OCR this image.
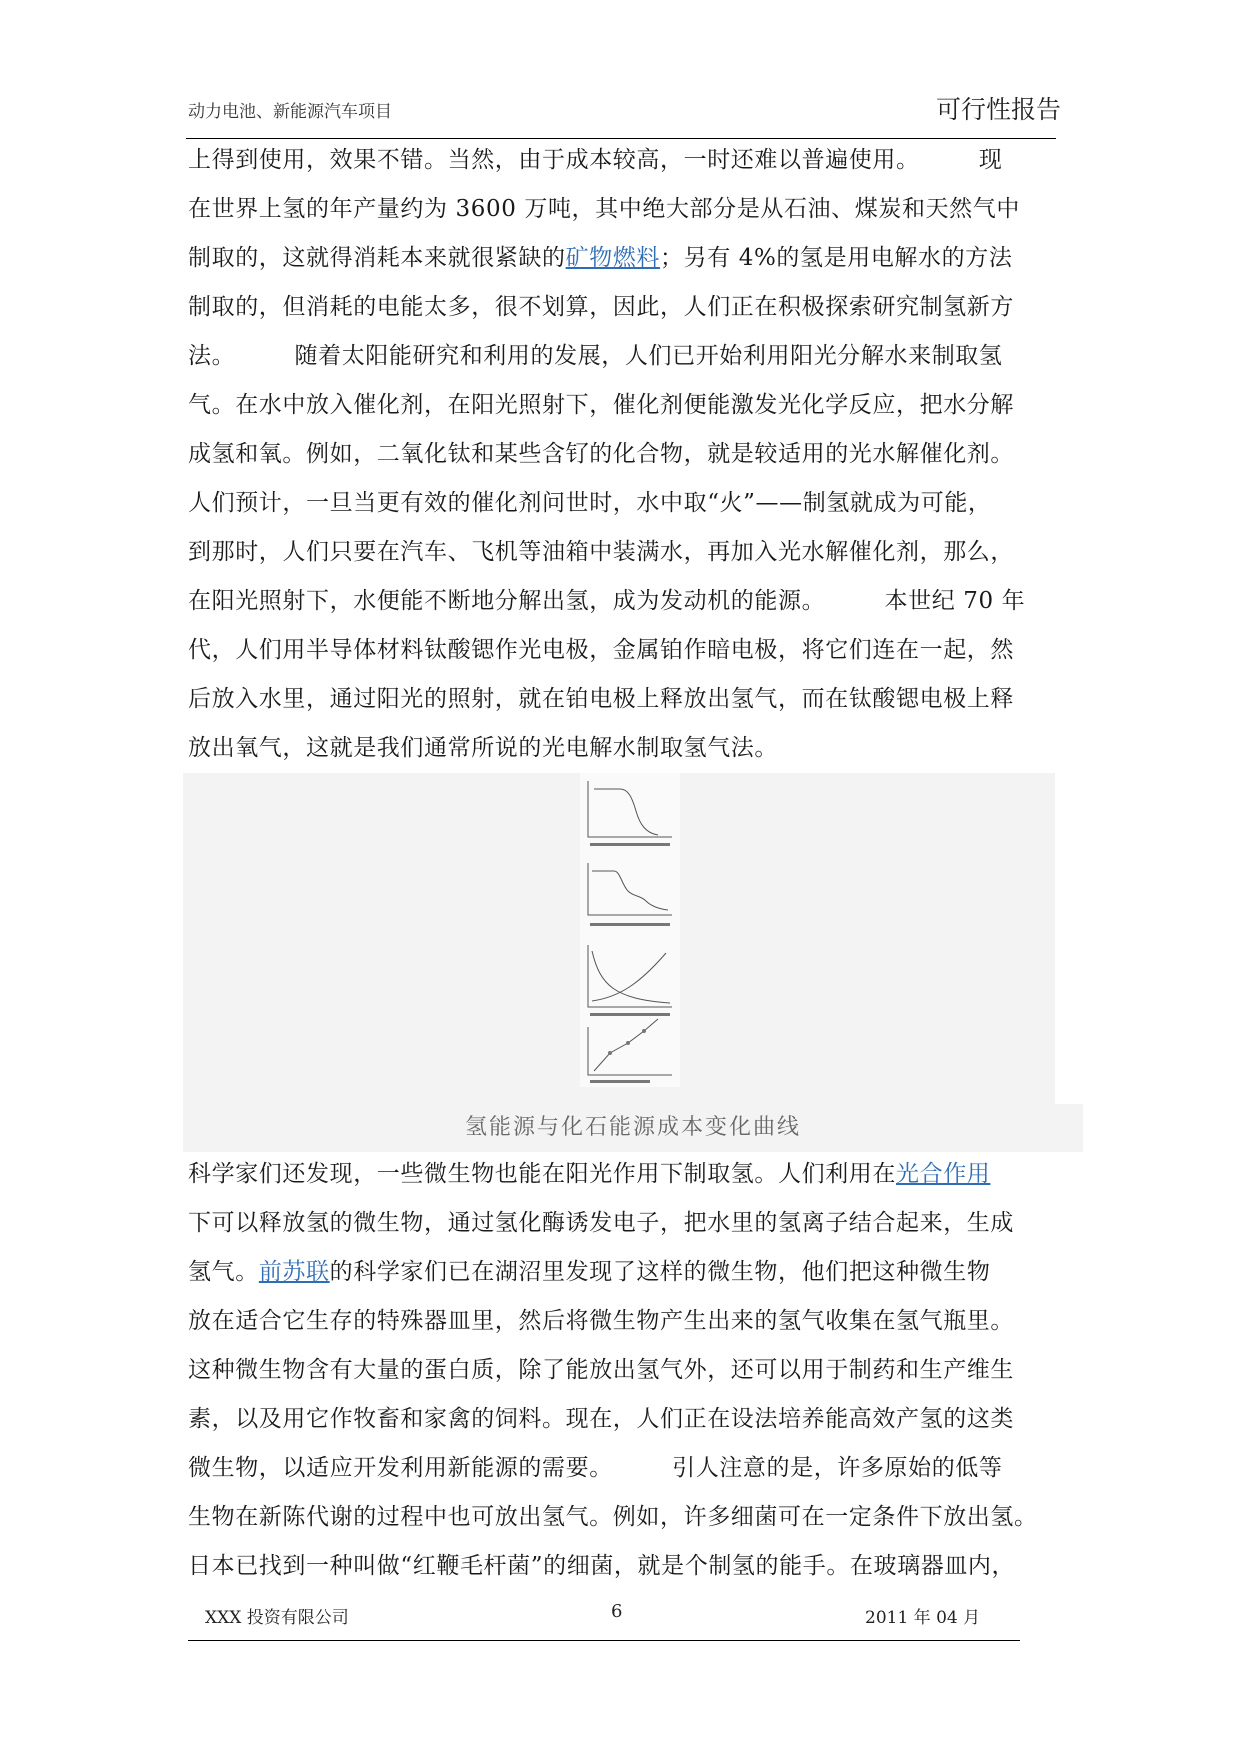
动力电池、新能源汽车项目	可行性报告
上得到使用，效果不错。当然，由于成本较高，一时还难以普遍使用。　　　现
在世界上氢的年产量约为 3600 万吨，其中绝大部分是从石油、煤炭和天然气中
制取的，这就得消耗本来就很紧缺的矿物燃料；另有 4%的氢是用电解水的方法
制取的，但消耗的电能太多，很不划算，因此，人们正在积极探索研究制氢新方
法。　　　随着太阳能研究和利用的发展，人们已开始利用阳光分解水来制取氢
气。在水中放入催化剂，在阳光照射下，催化剂便能激发光化学反应，把水分解
成氢和氧。例如，二氧化钛和某些含钌的化合物，就是较适用的光水解催化剂。
人们预计，一旦当更有效的催化剂问世时，水中取“火”——制氢就成为可能，
到那时，人们只要在汽车、飞机等油箱中装满水，再加入光水解催化剂，那么，
在阳光照射下，水便能不断地分解出氢，成为发动机的能源。　　　本世纪 70 年
代，人们用半导体材料钛酸锶作光电极，金属铂作暗电极，将它们连在一起，然
后放入水里，通过阳光的照射，就在铂电极上释放出氢气，而在钛酸锶电极上释
放出氧气，这就是我们通常所说的光电解水制取氢气法。
氢能源与化石能源成本变化曲线
科学家们还发现，一些微生物也能在阳光作用下制取氢。人们利用在光合作用
下可以释放氢的微生物，通过氢化酶诱发电子，把水里的氢离子结合起来，生成
氢气。前苏联的科学家们已在湖沼里发现了这样的微生物，他们把这种微生物
放在适合它生存的特殊器皿里，然后将微生物产生出来的氢气收集在氢气瓶里。
这种微生物含有大量的蛋白质，除了能放出氢气外，还可以用于制药和生产维生
素，以及用它作牧畜和家禽的饲料。现在，人们正在设法培养能高效产氢的这类
微生物，以适应开发利用新能源的需要。　　　引人注意的是，许多原始的低等
生物在新陈代谢的过程中也可放出氢气。例如，许多细菌可在一定条件下放出氢。
日本已找到一种叫做“红鞭毛杆菌”的细菌，就是个制氢的能手。在玻璃器皿内，
XXX 投资有限公司	6	2011 年 04 月
